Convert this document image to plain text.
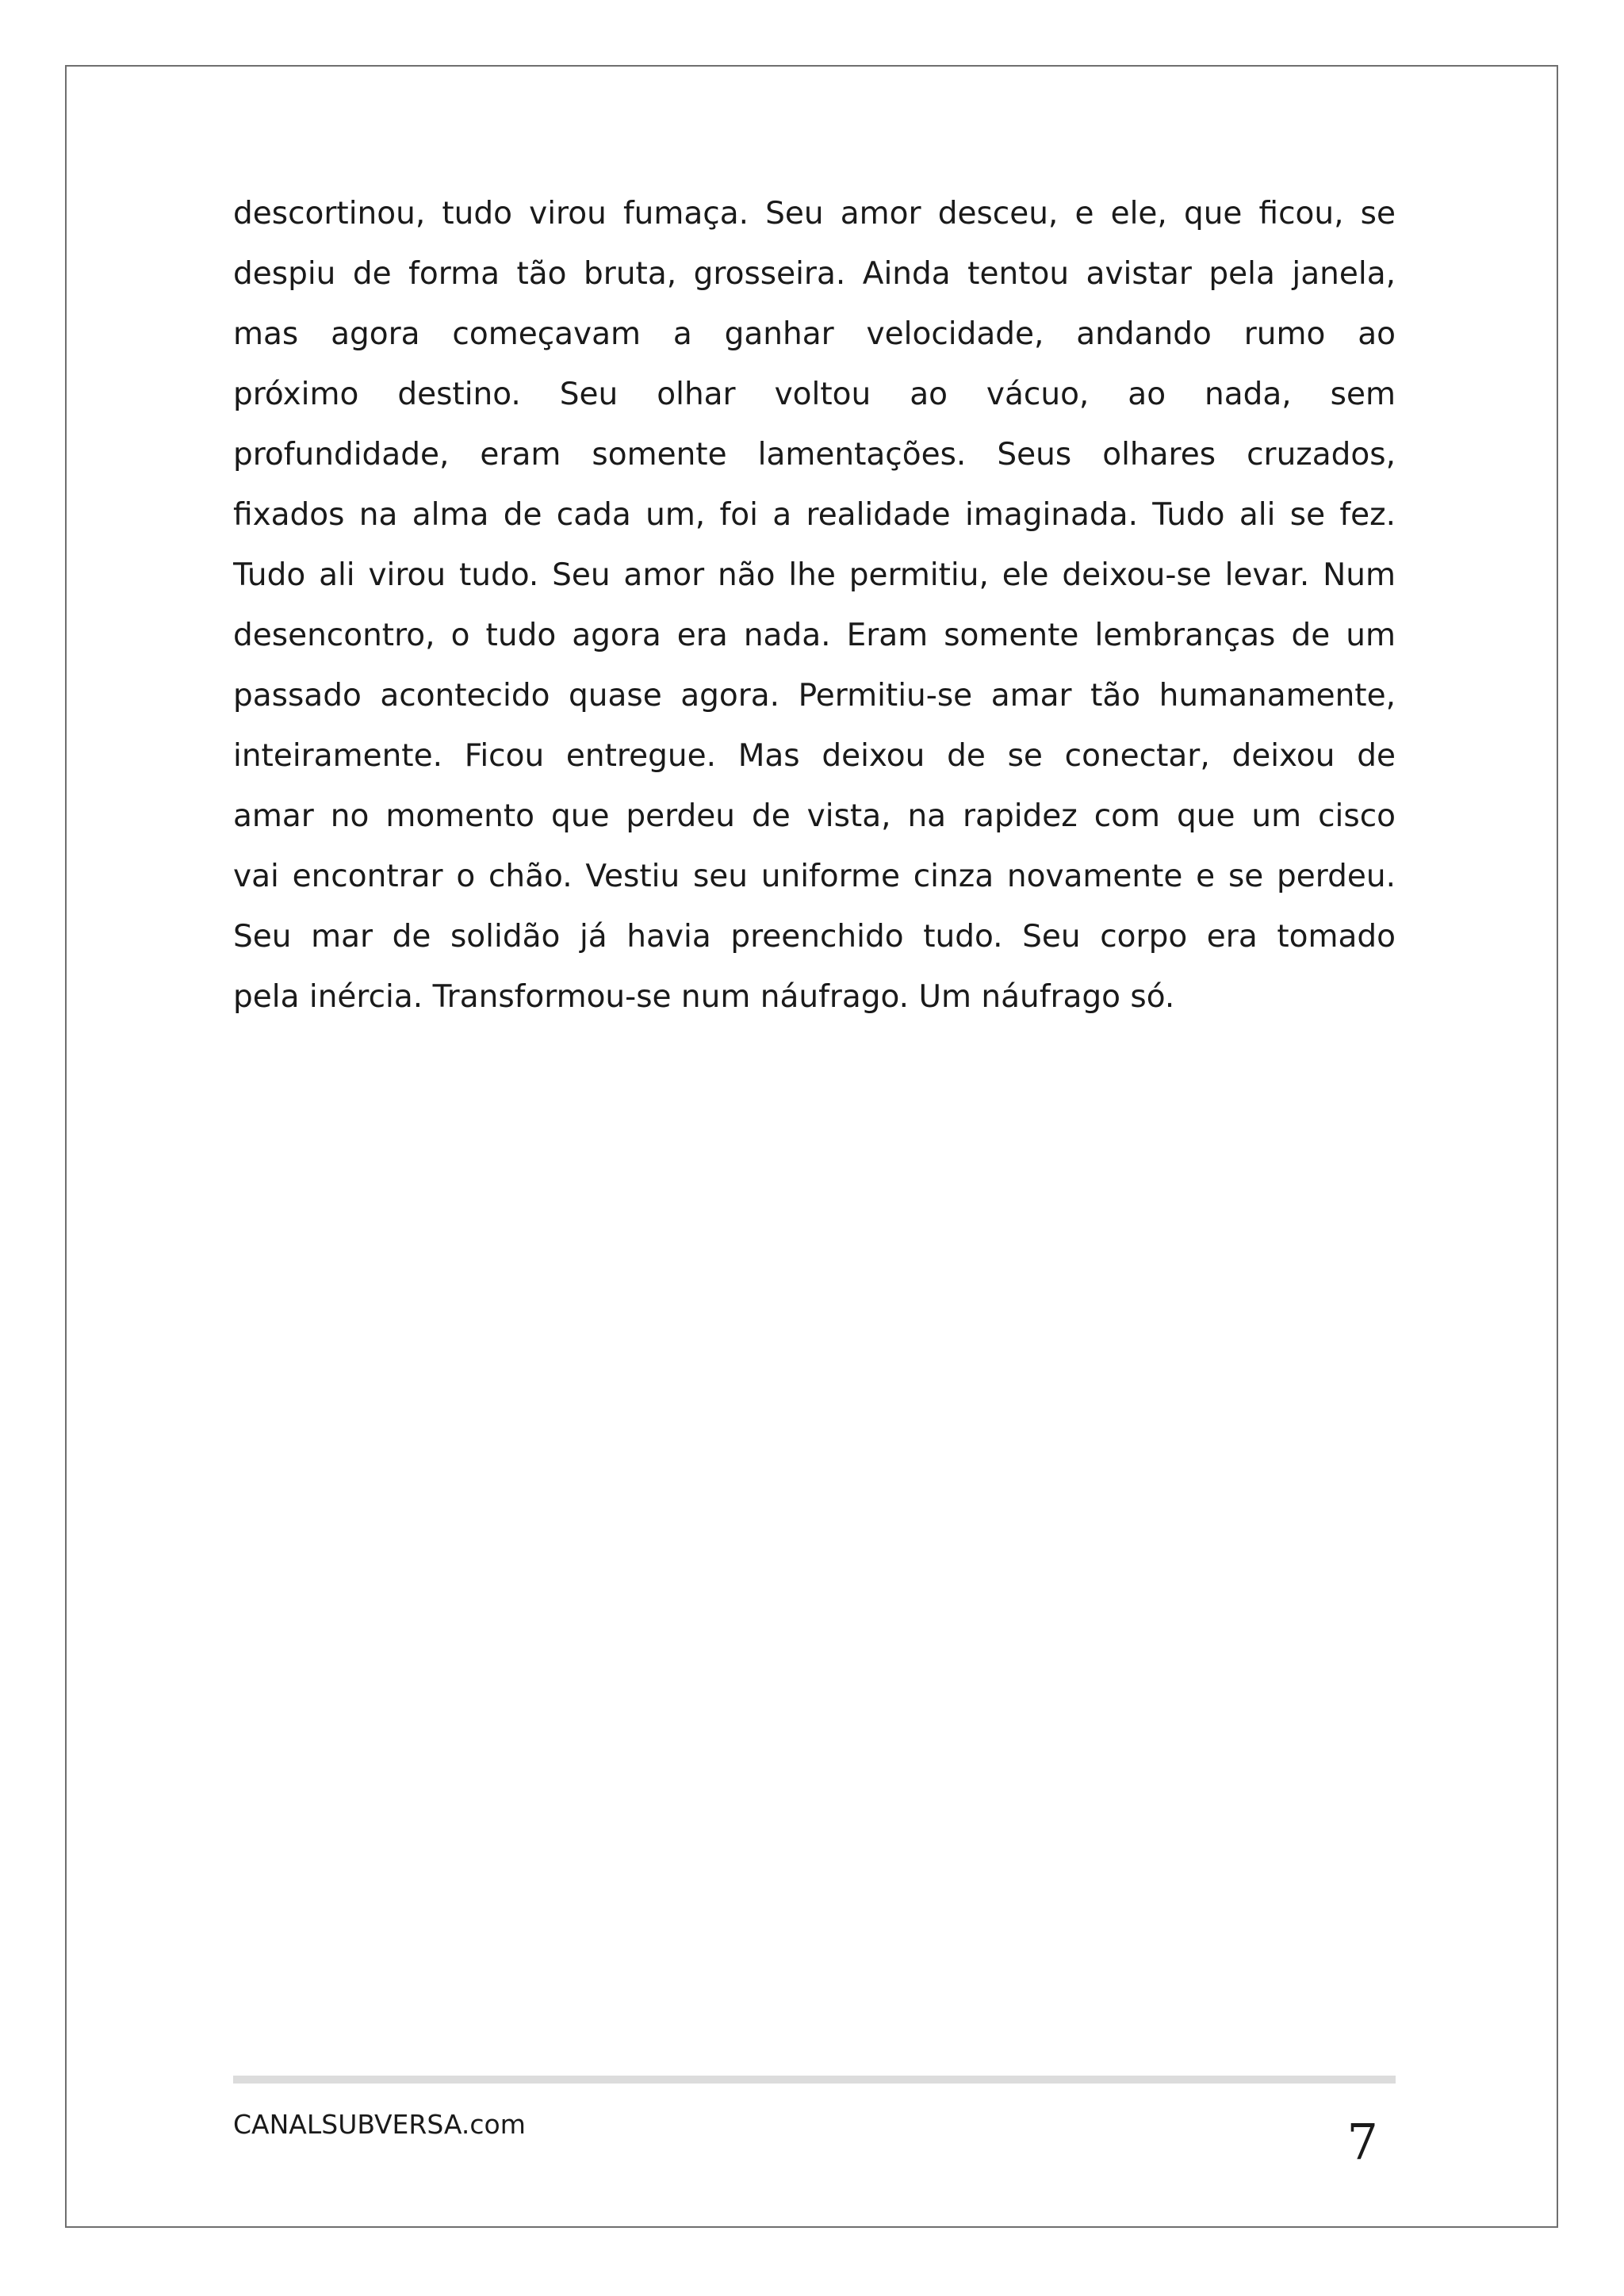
descortinou, tudo virou fumaça. Seu amor desceu, e ele, que ficou, se
despiu de forma tão bruta, grosseira. Ainda tentou avistar pela janela,
mas agora começavam a ganhar velocidade, andando rumo ao
próximo destino. Seu olhar voltou ao vácuo, ao nada, sem
profundidade, eram somente lamentações. Seus olhares cruzados,
fixados na alma de cada um, foi a realidade imaginada. Tudo ali se fez.
Tudo ali virou tudo. Seu amor não lhe permitiu, ele deixou-se levar. Num
desencontro, o tudo agora era nada. Eram somente lembranças de um
passado acontecido quase agora. Permitiu-se amar tão humanamente,
inteiramente. Ficou entregue. Mas deixou de se conectar, deixou de
amar no momento que perdeu de vista, na rapidez com que um cisco
vai encontrar o chão. Vestiu seu uniforme cinza novamente e se perdeu.
Seu mar de solidão já havia preenchido tudo. Seu corpo era tomado
pela inércia. Transformou-se num náufrago. Um náufrago só.
CANALSUBVERSA.com	7
